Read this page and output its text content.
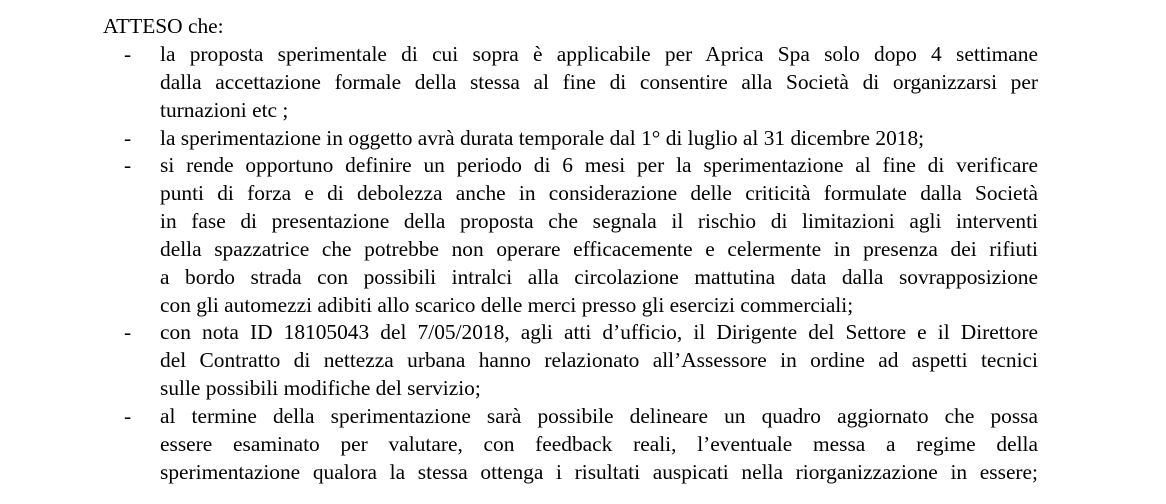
ATTESO che:
- la proposta sperimentale di cui sopra è applicabile per Aprica Spa solo dopo 4 settimane
dalla accettazione formale della stessa al fine di consentire alla Società di organizzarsi per
turnazioni etc ;
- la sperimentazione in oggetto avrà durata temporale dal 1° di luglio al 31 dicembre 2018;
- si rende opportuno definire un periodo di 6 mesi per la sperimentazione al fine di verificare
punti di forza e di debolezza anche in considerazione delle criticità formulate dalla Società
in fase di presentazione della proposta che segnala il rischio di limitazioni agli interventi
della spazzatrice che potrebbe non operare efficacemente e celermente in presenza dei rifiuti
a bordo strada con possibili intralci alla circolazione mattutina data dalla sovrapposizione
con gli automezzi adibiti allo scarico delle merci presso gli esercizi commerciali;
- con nota ID 18105043 del 7/05/2018, agli atti d’ufficio, il Dirigente del Settore e il Direttore
del Contratto di nettezza urbana hanno relazionato all’Assessore in ordine ad aspetti tecnici
sulle possibili modifiche del servizio;
- al termine della sperimentazione sarà possibile delineare un quadro aggiornato che possa
essere esaminato per valutare, con feedback reali, l’eventuale messa a regime della
sperimentazione qualora la stessa ottenga i risultati auspicati nella riorganizzazione in essere;
